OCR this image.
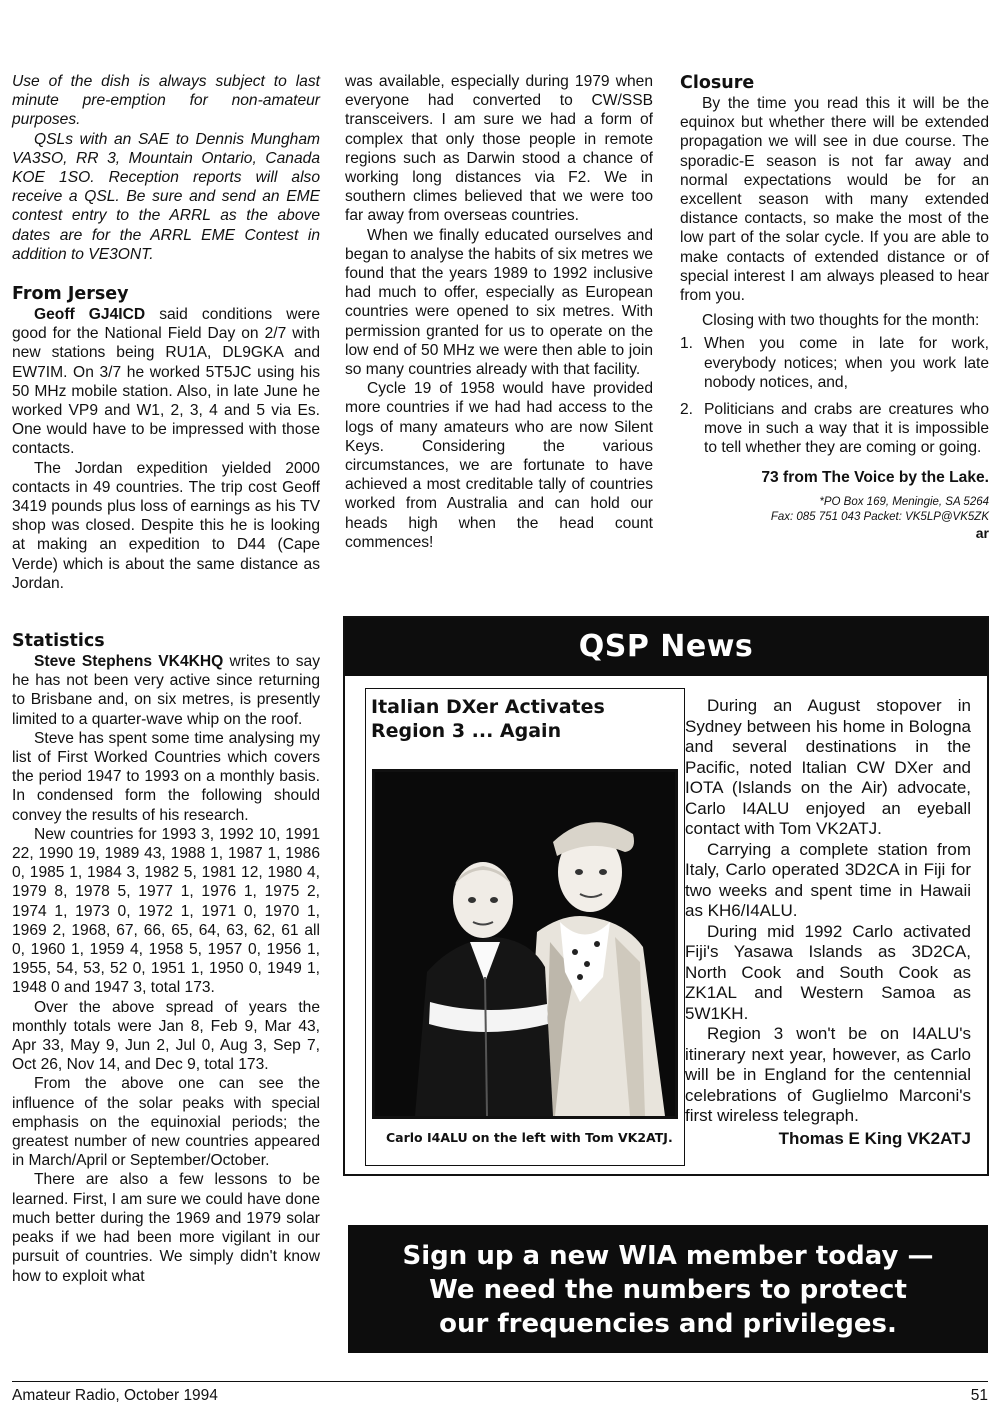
Use of the dish is always subject to last minute pre-emption for non-amateur purposes.

QSLs with an SAE to Dennis Mungham VA3SO, RR 3, Mountain Ontario, Canada KOE 1SO. Reception reports will also receive a QSL. Be sure and send an EME contest entry to the ARRL as the above dates are for the ARRL EME Contest in addition to VE3ONT.

From Jersey

Geoff GJ4ICD said conditions were good for the National Field Day on 2/7 with new stations being RU1A, DL9GKA and EW7IM. On 3/7 he worked 5T5JC using his 50 MHz mobile station. Also, in late June he worked VP9 and W1, 2, 3, 4 and 5 via Es. One would have to be impressed with those contacts.

The Jordan expedition yielded 2000 contacts in 49 countries. The trip cost Geoff 3419 pounds plus loss of earnings as his TV shop was closed. Despite this he is looking at making an expedition to D44 (Cape Verde) which is about the same distance as Jordan.

Statistics

Steve Stephens VK4KHQ writes to say he has not been very active since returning to Brisbane and, on six metres, is presently limited to a quarter-wave whip on the roof.

Steve has spent some time analysing my list of First Worked Countries which covers the period 1947 to 1993 on a monthly basis. In condensed form the following should convey the results of his research.

New countries for 1993 3, 1992 10, 1991 22, 1990 19, 1989 43, 1988 1, 1987 1, 1986 0, 1985 1, 1984 3, 1982 5, 1981 12, 1980 4, 1979 8, 1978 5, 1977 1, 1976 1, 1975 2, 1974 1, 1973 0, 1972 1, 1971 0, 1970 1, 1969 2, 1968, 67, 66, 65, 64, 63, 62, 61 all 0, 1960 1, 1959 4, 1958 5, 1957 0, 1956 1, 1955, 54, 53, 52 0, 1951 1, 1950 0, 1949 1, 1948 0 and 1947 3, total 173.

Over the above spread of years the monthly totals were Jan 8, Feb 9, Mar 43, Apr 33, May 9, Jun 2, Jul 0, Aug 3, Sep 7, Oct 26, Nov 14, and Dec 9, total 173.

From the above one can see the influence of the solar peaks with special emphasis on the equinoxial periods; the greatest number of new countries appeared in March/April or September/October.

There are also a few lessons to be learned. First, I am sure we could have done much better during the 1969 and 1979 solar peaks if we had been more vigilant in our pursuit of countries. We simply didn't know how to exploit what

was available, especially during 1979 when everyone had converted to CW/SSB transceivers. I am sure we had a form of complex that only those people in remote regions such as Darwin stood a chance of working long distances via F2. We in southern climes believed that we were too far away from overseas countries.

When we finally educated ourselves and began to analyse the habits of six metres we found that the years 1989 to 1992 inclusive had much to offer, especially as European countries were opened to six metres. With permission granted for us to operate on the low end of 50 MHz we were then able to join so many countries already with that facility.

Cycle 19 of 1958 would have provided more countries if we had had access to the logs of many amateurs who are now Silent Keys. Considering the various circumstances, we are fortunate to have achieved a most creditable tally of countries worked from Australia and can hold our heads high when the head count commences!

Closure

By the time you read this it will be the equinox but whether there will be extended propagation we will see in due course. The sporadic-E season is not far away and normal expectations would be for an excellent season with many extended distance contacts, so make the most of the low part of the solar cycle. If you are able to make contacts of extended distance or of special interest I am always pleased to hear from you.

Closing with two thoughts for the month:

1. When you come in late for work, everybody notices; when you work late nobody notices, and,
2. Politicians and crabs are creatures who move in such a way that it is impossible to tell whether they are coming or going.
73 from The Voice by the Lake.
*PO Box 169, Meningie, SA 5264
Fax: 085 751 043 Packet: VK5LP@VK5ZK
ar
QSP News
Italian DXer Activates
Region 3 ... Again
Carlo I4ALU on the left with Tom VK2ATJ.

During an August stopover in Sydney between his home in Bologna and several destinations in the Pacific, noted Italian CW DXer and IOTA (Islands on the Air) advocate, Carlo I4ALU enjoyed an eyeball contact with Tom VK2ATJ.

Carrying a complete station from Italy, Carlo operated 3D2CA in Fiji for two weeks and spent time in Hawaii as KH6/I4ALU.

During mid 1992 Carlo activated Fiji's Yasawa Islands as 3D2CA, North Cook and South Cook as ZK1AL and Western Samoa as 5W1KH.

Region 3 won't be on I4ALU's itinerary next year, however, as Carlo will be in England for the centennial celebrations of Guglielmo Marconi's first wireless telegraph.

Thomas E King VK2ATJ
Sign up a new WIA member today —
We need the numbers to protect
our frequencies and privileges.
Amateur Radio, October 1994	51
